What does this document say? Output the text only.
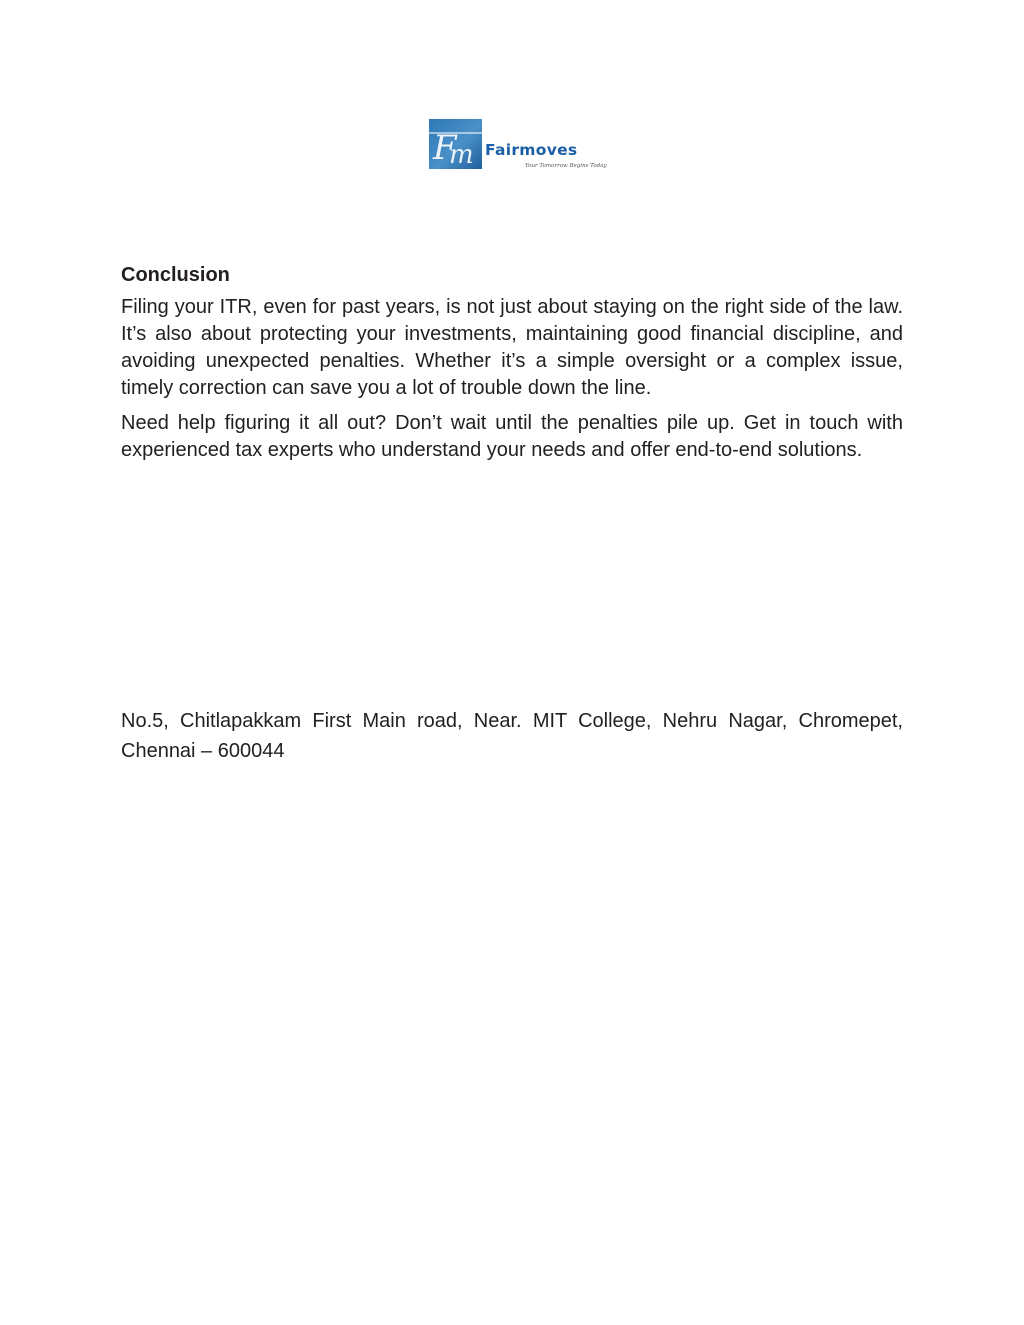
F
m Fairmoves
Your Tomorrow Begins Today

Conclusion

Filing your ITR, even for past years, is not just about staying on the right side of the law. It’s also about protecting your investments, maintaining good financial discipline, and avoiding unexpected penalties. Whether it’s a simple oversight or a complex issue, timely correction can save you a lot of trouble down the line.

Need help figuring it all out? Don’t wait until the penalties pile up. Get in touch with experienced tax experts who understand your needs and offer end-to-end solutions.

No.5, Chitlapakkam First Main road, Near. MIT College, Nehru Nagar, Chromepet, Chennai – 600044
